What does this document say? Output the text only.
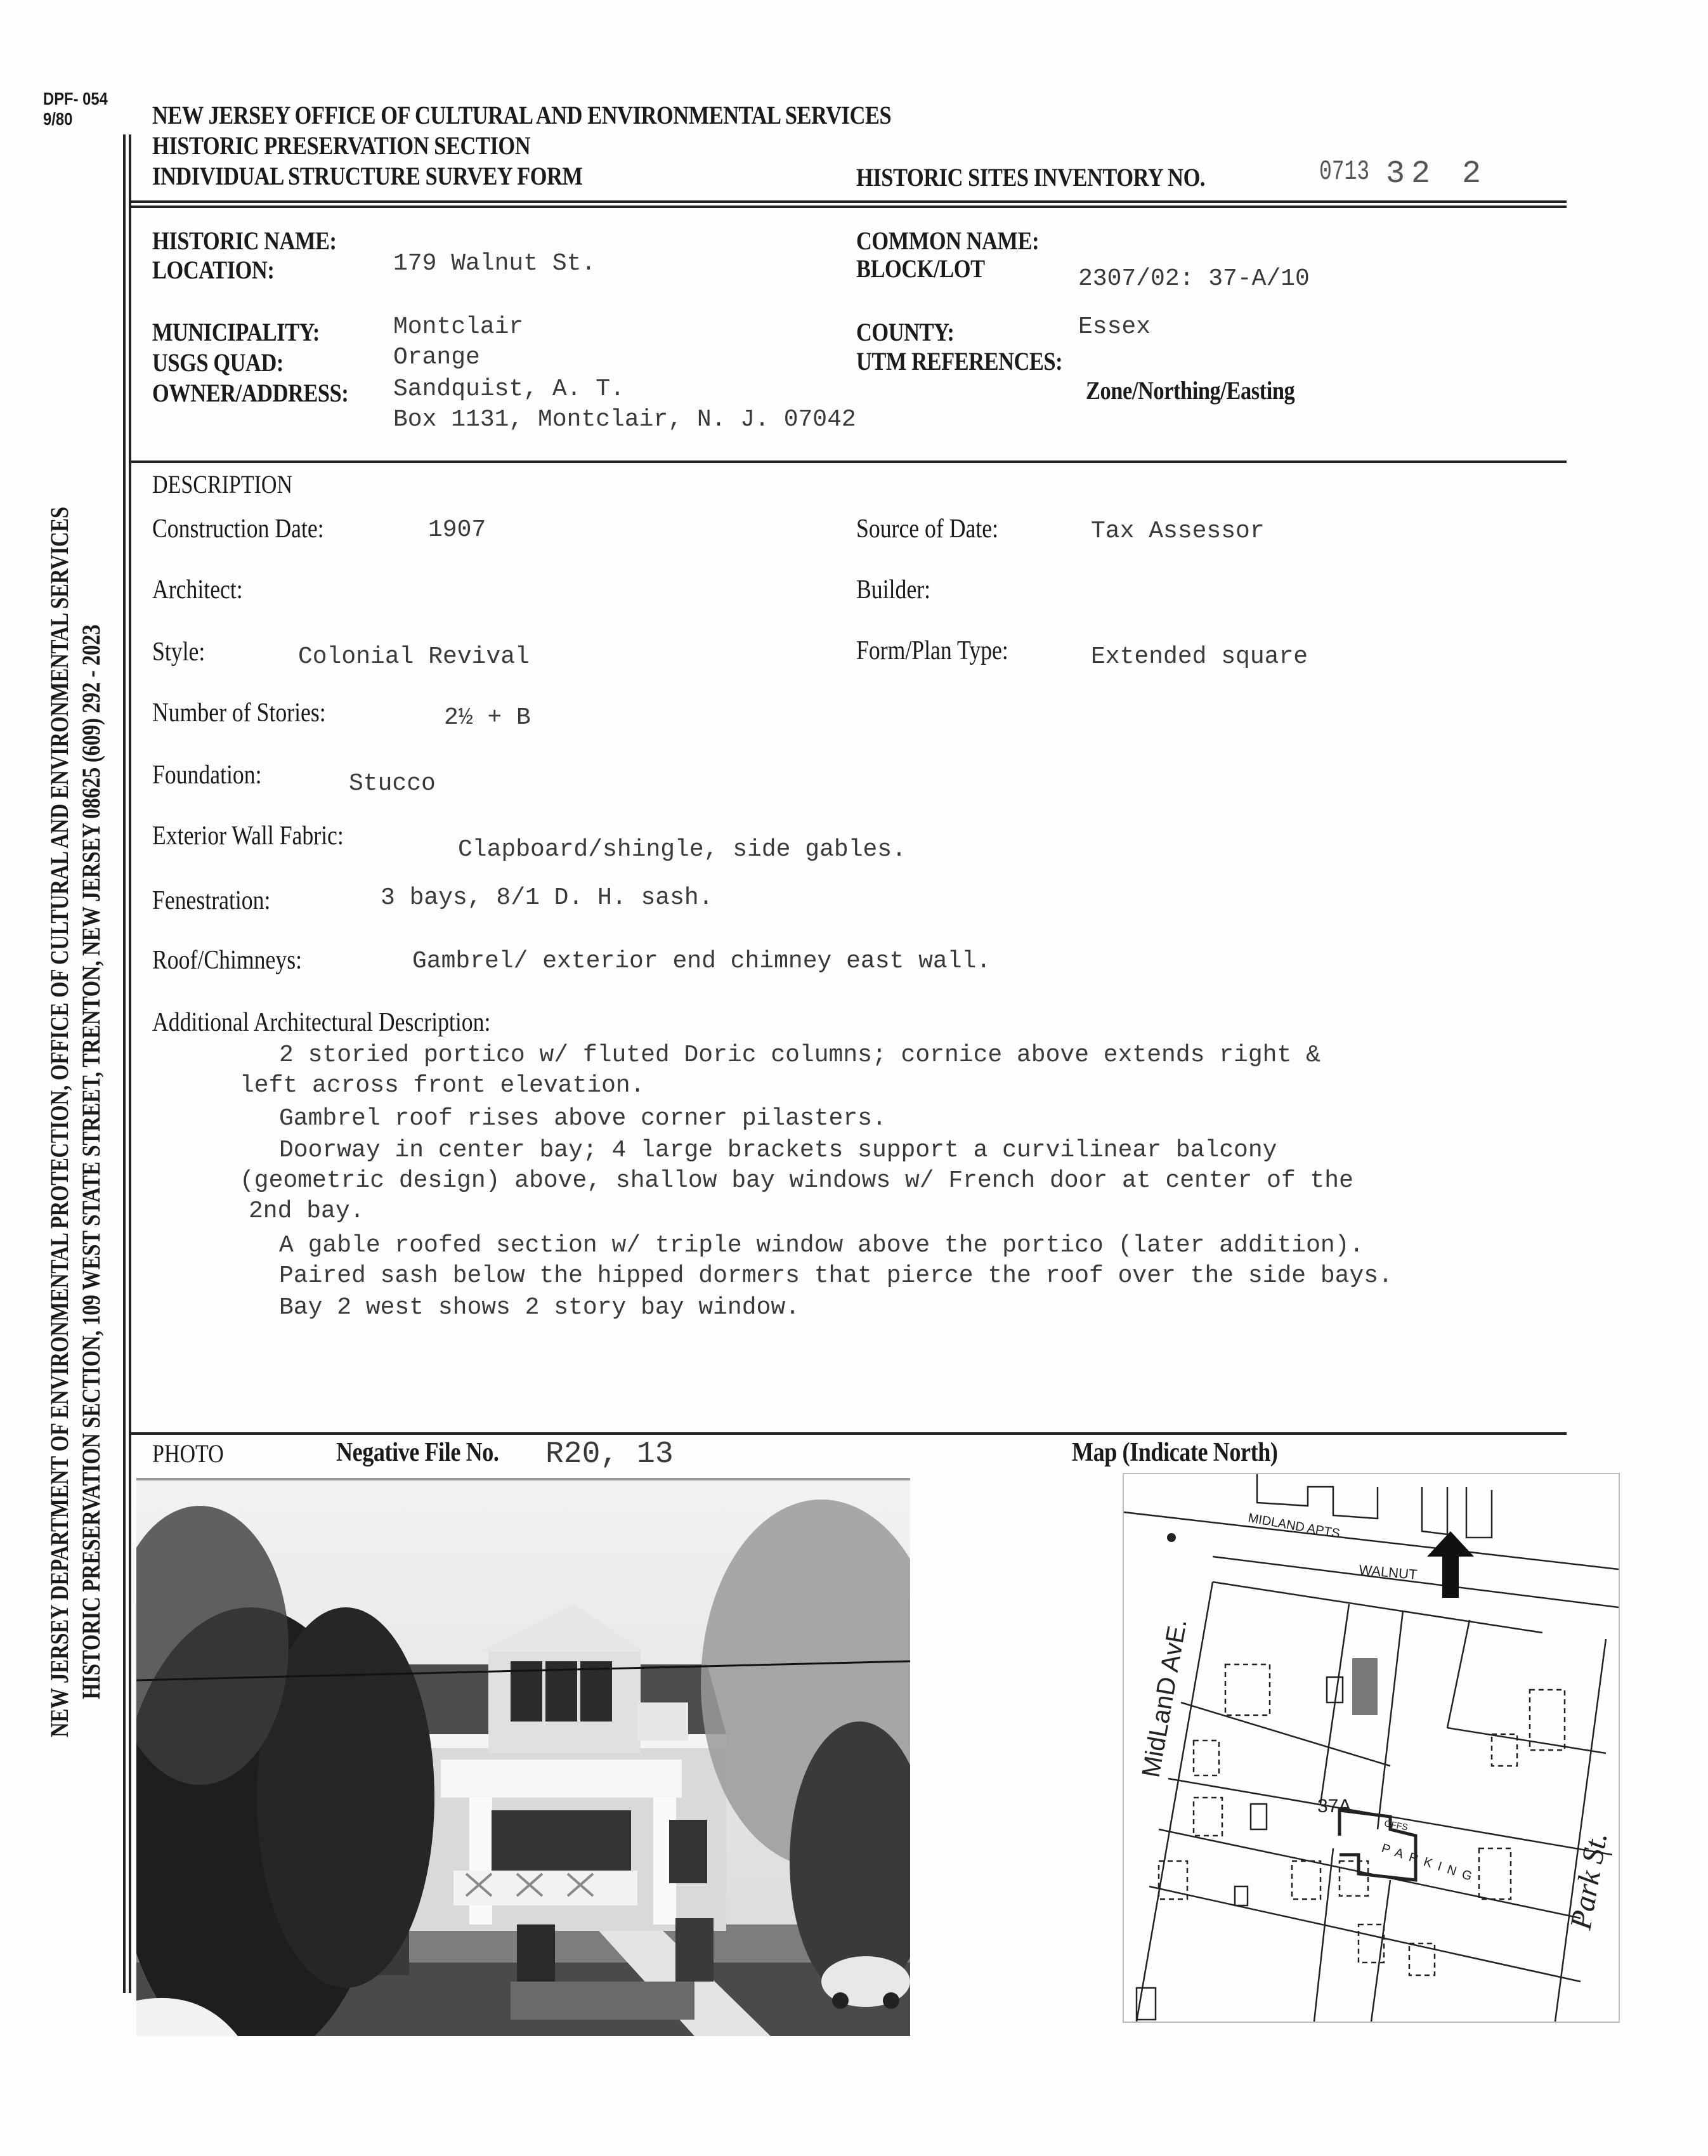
DPF- 054
9/80	NEW JERSEY OFFICE OF CULTURAL AND ENVIRONMENTAL SERVICES
HISTORIC PRESERVATION SECTION
INDIVIDUAL STRUCTURE SURVEY FORM	HISTORIC SITES INVENTORY NO.	0713 32 2
NEW JERSEY DEPARTMENT OF ENVIRONMENTAL PROTECTION, OFFICE OF CULTURAL AND ENVIRONMENTAL SERVICES HISTORIC PRESERVATION SECTION, 109 WEST STATE STREET, TRENTON, NEW JERSEY 08625 (609) 292 - 2023
HISTORIC NAME:
LOCATION:	179 Walnut St.
MUNICIPALITY:	Montclair
USGS QUAD:	Orange
OWNER/ADDRESS: Sandquist, A. T.
Box 1131, Montclair, N. J. 07042
COMMON NAME:
BLOCK/LOT	2307/02: 37-A/10
COUNTY:	Essex
UTM REFERENCES:
Zone/Northing/Easting
DESCRIPTION
Construction Date:	1907	Source of Date:	Tax Assessor
Architect:	Builder:
Style:	Colonial Revival	Form/Plan Type:	Extended square
Number of Stories:	2½ + B
Foundation:	Stucco
Exterior Wall Fabric:	Clapboard/shingle, side gables.
Fenestration:	3 bays, 8/1 D. H. sash.
Roof/Chimneys:	Gambrel/ exterior end chimney east wall.
Additional Architectural Description:
2 storied portico w/ fluted Doric columns; cornice above extends right &
left across front elevation.
Gambrel roof rises above corner pilasters.
Doorway in center bay; 4 large brackets support a curvilinear balcony
(geometric design) above, shallow bay windows w/ French door at center of the
2nd bay.
A gable roofed section w/ triple window above the portico (later addition).
Paired sash below the hipped dormers that pierce the roof over the side bays.
Bay 2 west shows 2 story bay window.
PHOTO	Negative File No. R20, 13	Map (Indicate North)
MIDLAND APTS
WALNUT
MidLanD AvE.
37A
OFFS
PARKING	Park St.
